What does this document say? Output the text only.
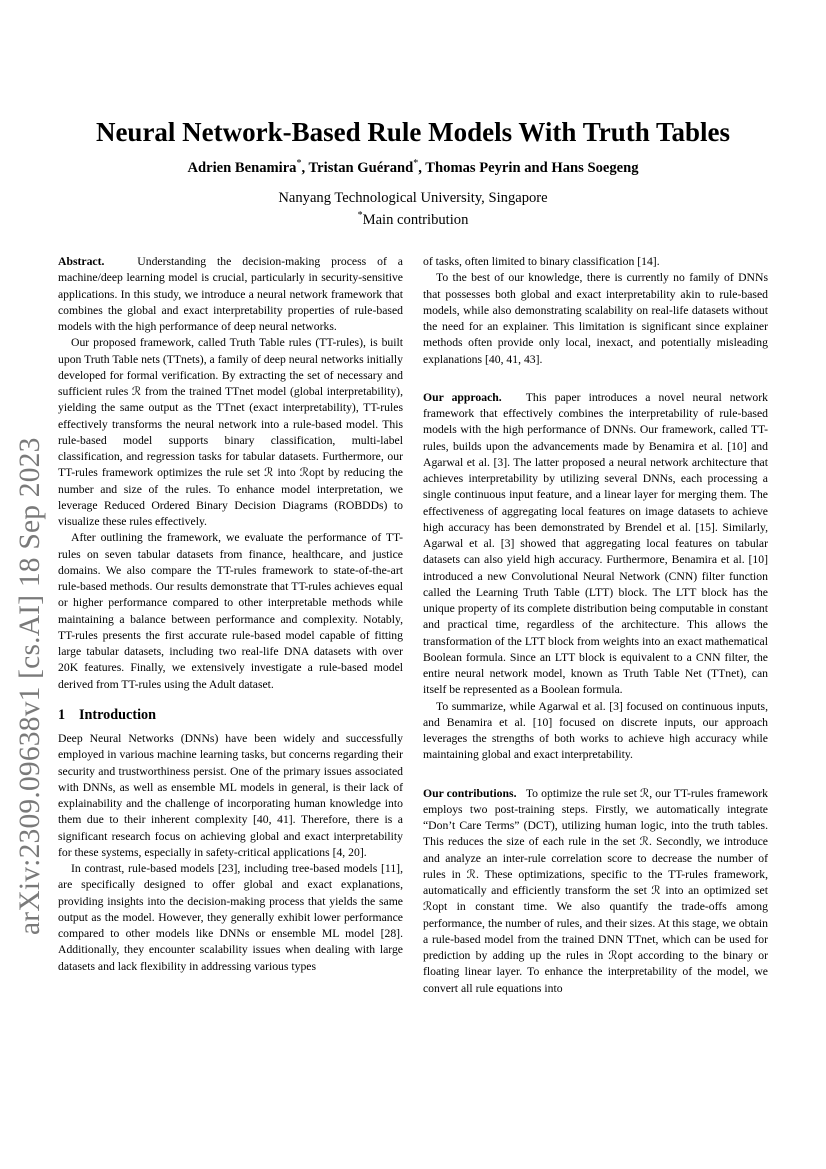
arXiv:2309.09638v1 [cs.AI] 18 Sep 2023
Neural Network-Based Rule Models With Truth Tables
Adrien Benamira*, Tristan Guérand*, Thomas Peyrin and Hans Soegeng
Nanyang Technological University, Singapore
*Main contribution

Abstract.	Understanding the decision-making process of a machine/deep learning model is crucial, particularly in security-sensitive applications. In this study, we introduce a neural network framework that combines the global and exact interpretability properties of rule-based models with the high performance of deep neural networks.

Our proposed framework, called Truth Table rules (TT-rules), is built upon Truth Table nets (TTnets), a family of deep neural networks initially developed for formal verification. By extracting the set of necessary and sufficient rules ℛ from the trained TTnet model (global interpretability), yielding the same output as the TTnet (exact interpretability), TT-rules effectively transforms the neural network into a rule-based model. This rule-based model supports binary classification, multi-label classification, and regression tasks for tabular datasets. Furthermore, our TT-rules framework optimizes the rule set ℛ into ℛopt by reducing the number and size of the rules. To enhance model interpretation, we leverage Reduced Ordered Binary Decision Diagrams (ROBDDs) to visualize these rules effectively.

After outlining the framework, we evaluate the performance of TT-rules on seven tabular datasets from finance, healthcare, and justice domains. We also compare the TT-rules framework to state-of-the-art rule-based methods. Our results demonstrate that TT-rules achieves equal or higher performance compared to other interpretable methods while maintaining a balance between performance and complexity. Notably, TT-rules presents the first accurate rule-based model capable of fitting large tabular datasets, including two real-life DNA datasets with over 20K features. Finally, we extensively investigate a rule-based model derived from TT-rules using the Adult dataset.

1 Introduction

Deep Neural Networks (DNNs) have been widely and successfully employed in various machine learning tasks, but concerns regarding their security and trustworthiness persist. One of the primary issues associated with DNNs, as well as ensemble ML models in general, is their lack of explainability and the challenge of incorporating human knowledge into them due to their inherent complexity [40, 41]. Therefore, there is a significant research focus on achieving global and exact interpretability for these systems, especially in safety-critical applications [4, 20].

In contrast, rule-based models [23], including tree-based models [11], are specifically designed to offer global and exact explanations, providing insights into the decision-making process that yields the same output as the model. However, they generally exhibit lower performance compared to other models like DNNs or ensemble ML model [28]. Additionally, they encounter scalability issues when dealing with large datasets and lack flexibility in addressing various types

of tasks, often limited to binary classification [14].

To the best of our knowledge, there is currently no family of DNNs that possesses both global and exact interpretability akin to rule-based models, while also demonstrating scalability on real-life datasets without the need for an explainer. This limitation is significant since explainer methods often provide only local, inexact, and potentially misleading explanations [40, 41, 43].

Our approach. This paper introduces a novel neural network framework that effectively combines the interpretability of rule-based models with the high performance of DNNs. Our framework, called TT-rules, builds upon the advancements made by Benamira et al. [10] and Agarwal et al. [3]. The latter proposed a neural network architecture that achieves interpretability by utilizing several DNNs, each processing a single continuous input feature, and a linear layer for merging them. The effectiveness of aggregating local features on image datasets to achieve high accuracy has been demonstrated by Brendel et al. [15]. Similarly, Agarwal et al. [3] showed that aggregating local features on tabular datasets can also yield high accuracy. Furthermore, Benamira et al. [10] introduced a new Convolutional Neural Network (CNN) filter function called the Learning Truth Table (LTT) block. The LTT block has the unique property of its complete distribution being computable in constant and practical time, regardless of the architecture. This allows the transformation of the LTT block from weights into an exact mathematical Boolean formula. Since an LTT block is equivalent to a CNN filter, the entire neural network model, known as Truth Table Net (TTnet), can itself be represented as a Boolean formula.

To summarize, while Agarwal et al. [3] focused on continuous inputs, and Benamira et al. [10] focused on discrete inputs, our approach leverages the strengths of both works to achieve high accuracy while maintaining global and exact interpretability.

Our contributions. To optimize the rule set ℛ, our TT-rules framework employs two post-training steps. Firstly, we automatically integrate “Don’t Care Terms” (DCT), utilizing human logic, into the truth tables. This reduces the size of each rule in the set ℛ. Secondly, we introduce and analyze an inter-rule correlation score to decrease the number of rules in ℛ. These optimizations, specific to the TT-rules framework, automatically and efficiently transform the set ℛ into an optimized set ℛopt in constant time. We also quantify the trade-offs among performance, the number of rules, and their sizes. At this stage, we obtain a rule-based model from the trained DNN TTnet, which can be used for prediction by adding up the rules in ℛopt according to the binary or floating linear layer. To enhance the interpretability of the model, we convert all rule equations into
